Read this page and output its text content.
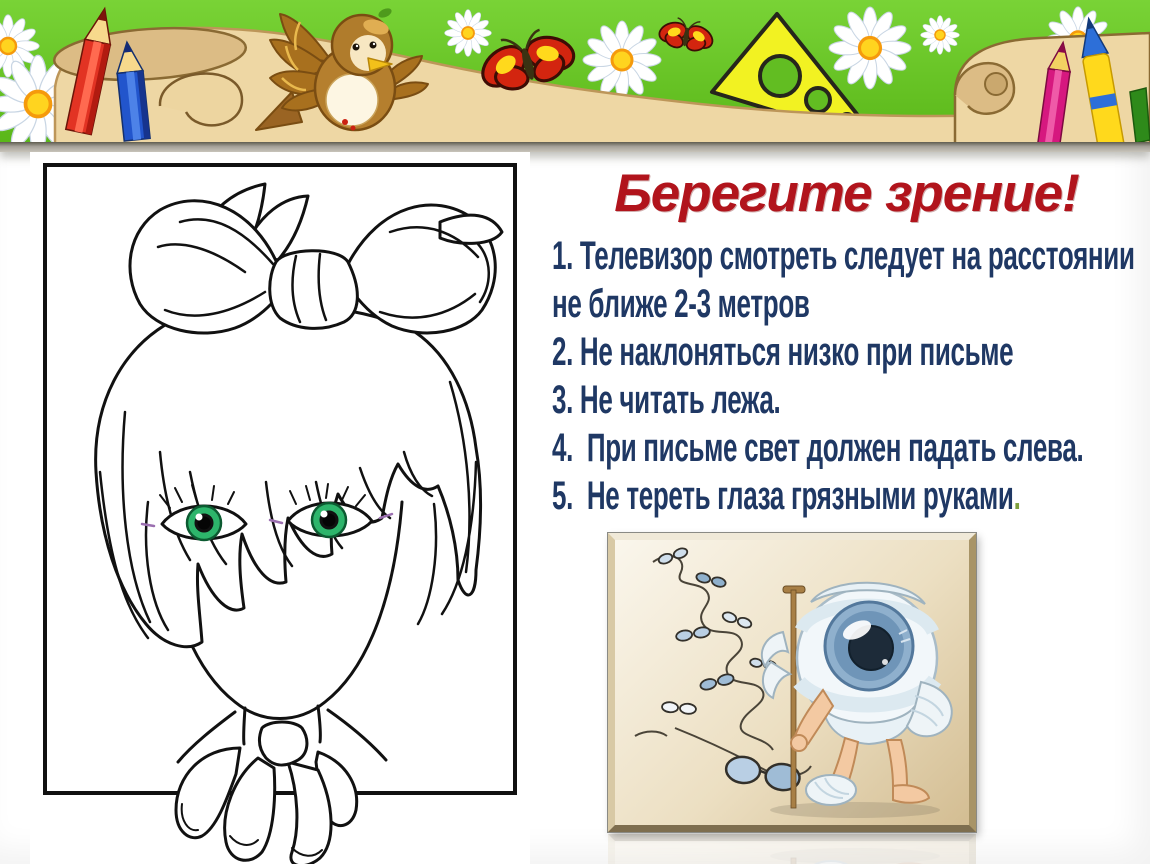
Берегите зрение!
1. Телевизор смотреть следует на расстоянии не ближе 2-3 метров
2. Не наклоняться низко при письме
3. Не читать лежа.
4.  При письме свет должен падать слева.
5.  Не тереть глаза грязными руками.
